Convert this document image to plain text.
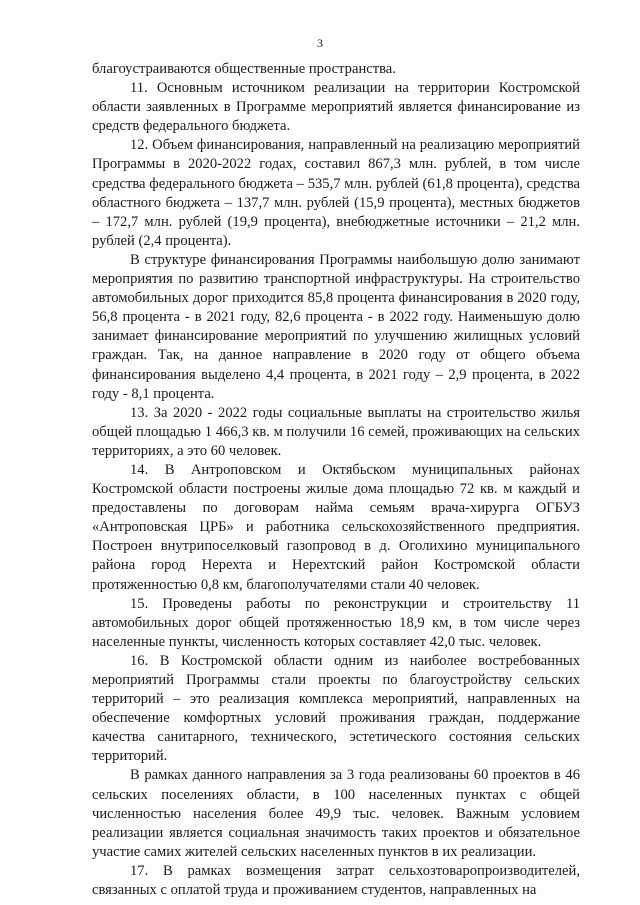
3

благоустраиваются общественные пространства.

11. Основным источником реализации на территории Костромской области заявленных в Программе мероприятий является финансирование из средств федерального бюджета.

12. Объем финансирования, направленный на реализацию мероприятий Программы в 2020-2022 годах, составил 867,3 млн. рублей, в том числе средства федерального бюджета – 535,7 млн. рублей (61,8 процента), средства областного бюджета – 137,7 млн. рублей (15,9 процента), местных бюджетов – 172,7 млн. рублей (19,9 процента), внебюджетные источники – 21,2 млн. рублей (2,4 процента).

В структуре финансирования Программы наибольшую долю занимают мероприятия по развитию транспортной инфраструктуры. На строительство автомобильных дорог приходится 85,8 процента финансирования в 2020 году, 56,8 процента - в 2021 году, 82,6 процента - в 2022 году. Наименьшую долю занимает финансирование мероприятий по улучшению жилищных условий граждан. Так, на данное направление в 2020 году от общего объема финансирования выделено 4,4 процента, в 2021 году – 2,9 процента, в 2022 году - 8,1 процента.

13. За 2020 - 2022 годы социальные выплаты на строительство жилья общей площадью 1 466,3 кв. м получили 16 семей, проживающих на сельских территориях, а это 60 человек.

14. В Антроповском и Октябьском муниципальных районах Костромской области построены жилые дома площадью 72 кв. м каждый и предоставлены по договорам найма семьям врача-хирурга ОГБУЗ «Антроповская ЦРБ» и работника сельскохозяйственного предприятия. Построен внутрипоселковый газопровод в д. Оголихино муниципального района город Нерехта и Нерехтский район Костромской области протяженностью 0,8 км, благополучателями стали 40 человек.

15. Проведены работы по реконструкции и строительству 11 автомобильных дорог общей протяженностью 18,9 км, в том числе через населенные пункты, численность которых составляет 42,0 тыс. человек.

16. В Костромской области одним из наиболее востребованных мероприятий Программы стали проекты по благоустройству сельских территорий – это реализация комплекса мероприятий, направленных на обеспечение комфортных условий проживания граждан, поддержание качества санитарного, технического, эстетического состояния сельских территорий.

В рамках данного направления за 3 года реализованы 60 проектов в 46 сельских поселениях области, в 100 населенных пунктах с общей численностью населения более 49,9 тыс. человек. Важным условием реализации является социальная значимость таких проектов и обязательное участие самих жителей сельских населенных пунктов в их реализации.

17. В рамках возмещения затрат сельхозтоваропроизводителей, связанных с оплатой труда и проживанием студентов, направленных на
